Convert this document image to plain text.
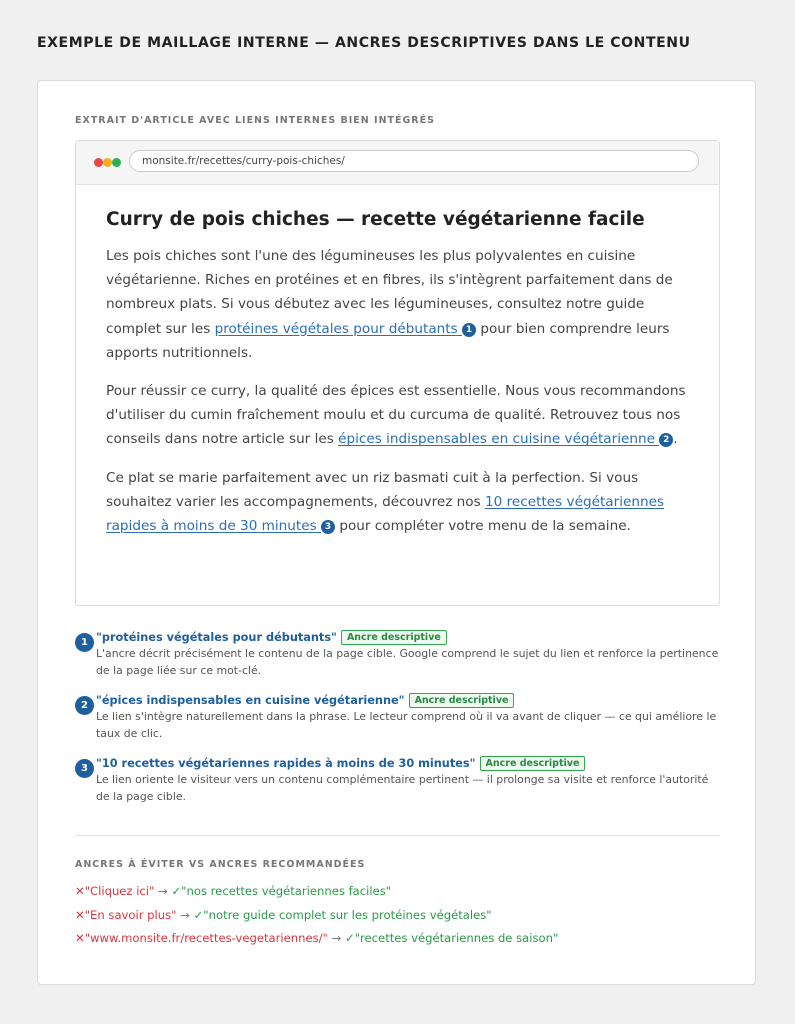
EXEMPLE DE MAILLAGE INTERNE — ANCRES DESCRIPTIVES DANS LE CONTENU
EXTRAIT D'ARTICLE AVEC LIENS INTERNES BIEN INTÉGRÉS
monsite.fr/recettes/curry-pois-chiches/
Curry de pois chiches — recette végétarienne facile

Les pois chiches sont l'une des légumineuses les plus polyvalentes en cuisine végétarienne. Riches en protéines et en fibres, ils s'intègrent parfaitement dans de nombreux plats. Si vous débutez avec les légumineuses, consultez notre guide complet sur les protéines végétales pour débutants 1 pour bien comprendre leurs apports nutritionnels.

Pour réussir ce curry, la qualité des épices est essentielle. Nous vous recommandons d'utiliser du cumin fraîchement moulu et du curcuma de qualité. Retrouvez tous nos conseils dans notre article sur les épices indispensables en cuisine végétarienne 2 .

Ce plat se marie parfaitement avec un riz basmati cuit à la perfection. Si vous souhaitez varier les accompagnements, découvrez nos 10 recettes végétariennes rapides à moins de 30 minutes 3 pour compléter votre menu de la semaine.

1 "protéines végétales pour débutants" Ancre descriptive
L'ancre décrit précisément le contenu de la page cible. Google comprend le sujet du lien et renforce la pertinence de la page liée sur ce mot-clé.
2 "épices indispensables en cuisine végétarienne" Ancre descriptive
Le lien s'intègre naturellement dans la phrase. Le lecteur comprend où il va avant de cliquer — ce qui améliore le taux de clic.
3 "10 recettes végétariennes rapides à moins de 30 minutes" Ancre descriptive
Le lien oriente le visiteur vers un contenu complémentaire pertinent — il prolonge sa visite et renforce l'autorité de la page cible.
ANCRES À ÉVITER VS ANCRES RECOMMANDÉES
✕"Cliquez ici" → ✓"nos recettes végétariennes faciles"
✕"En savoir plus" → ✓"notre guide complet sur les protéines végétales"
✕"www.monsite.fr/recettes-vegetariennes/" → ✓"recettes végétariennes de saison"
